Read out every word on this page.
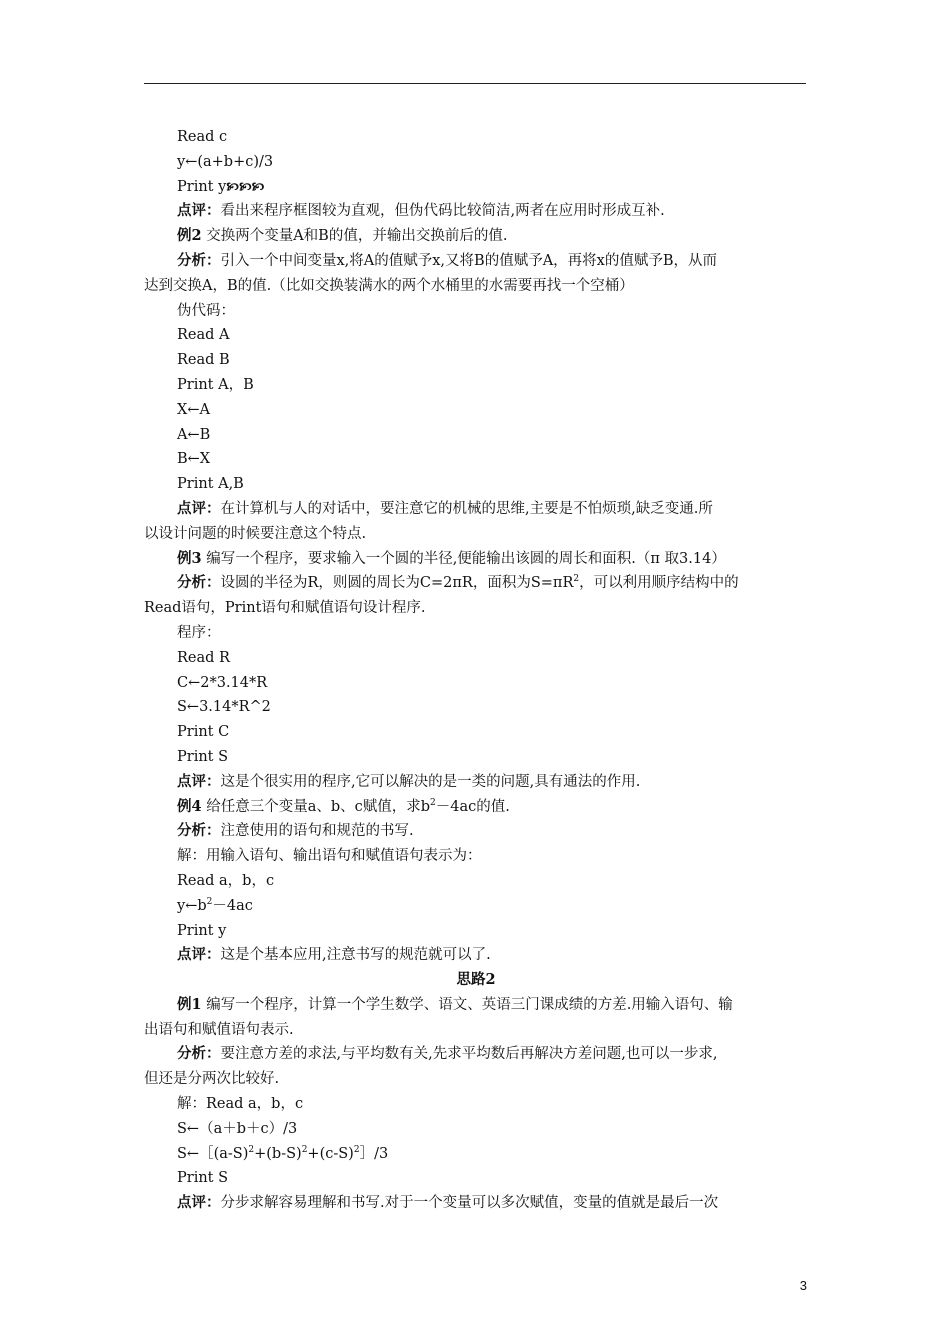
Read c
y←(a+b+c)/3
Print y🙡🙡🙡
点评：看出来程序框图较为直观，但伪代码比较简洁,两者在应用时形成互补.
例2 交换两个变量A和B的值，并输出交换前后的值.
分析：引入一个中间变量x,将A的值赋予x,又将B的值赋予A，再将x的值赋予B，从而
达到交换A，B的值.（比如交换装满水的两个水桶里的水需要再找一个空桶）
伪代码：
Read A
Read B
Print A，B
X←A
A←B
B←X
Print A,B
点评：在计算机与人的对话中，要注意它的机械的思维,主要是不怕烦琐,缺乏变通.所
以设计问题的时候要注意这个特点.
例3 编写一个程序，要求输入一个圆的半径,便能输出该圆的周长和面积.（π 取3.14）
分析：设圆的半径为R，则圆的周长为C=2πR，面积为$S=\pi R^2$，可以利用顺序结构中的
Read语句，Print语句和赋值语句设计程序.
程序：
Read R
C←2*3.14*R
S←3.14*R^2
Print C
Print S
点评：这是个很实用的程序,它可以解决的是一类的问题,具有通法的作用.
例4 给任意三个变量a、b、c赋值，求$b^2-4ac$的值.
分析：注意使用的语句和规范的书写.
解：用输入语句、输出语句和赋值语句表示为：
Read a，b，c
$y\leftarrow b^2-4ac$
Print y
点评：这是个基本应用,注意书写的规范就可以了.
思路2
例1 编写一个程序，计算一个学生数学、语文、英语三门课成绩的方差.用输入语句、输
出语句和赋值语句表示.
分析：要注意方差的求法,与平均数有关,先求平均数后再解决方差问题,也可以一步求,
但还是分两次比较好.
解：Read a，b，c
S←（a＋b＋c）/3
$S\leftarrow[(a-S)^2+(b-S)^2+(c-S)^2]/3$
Print S
点评：分步求解容易理解和书写.对于一个变量可以多次赋值，变量的值就是最后一次
3
